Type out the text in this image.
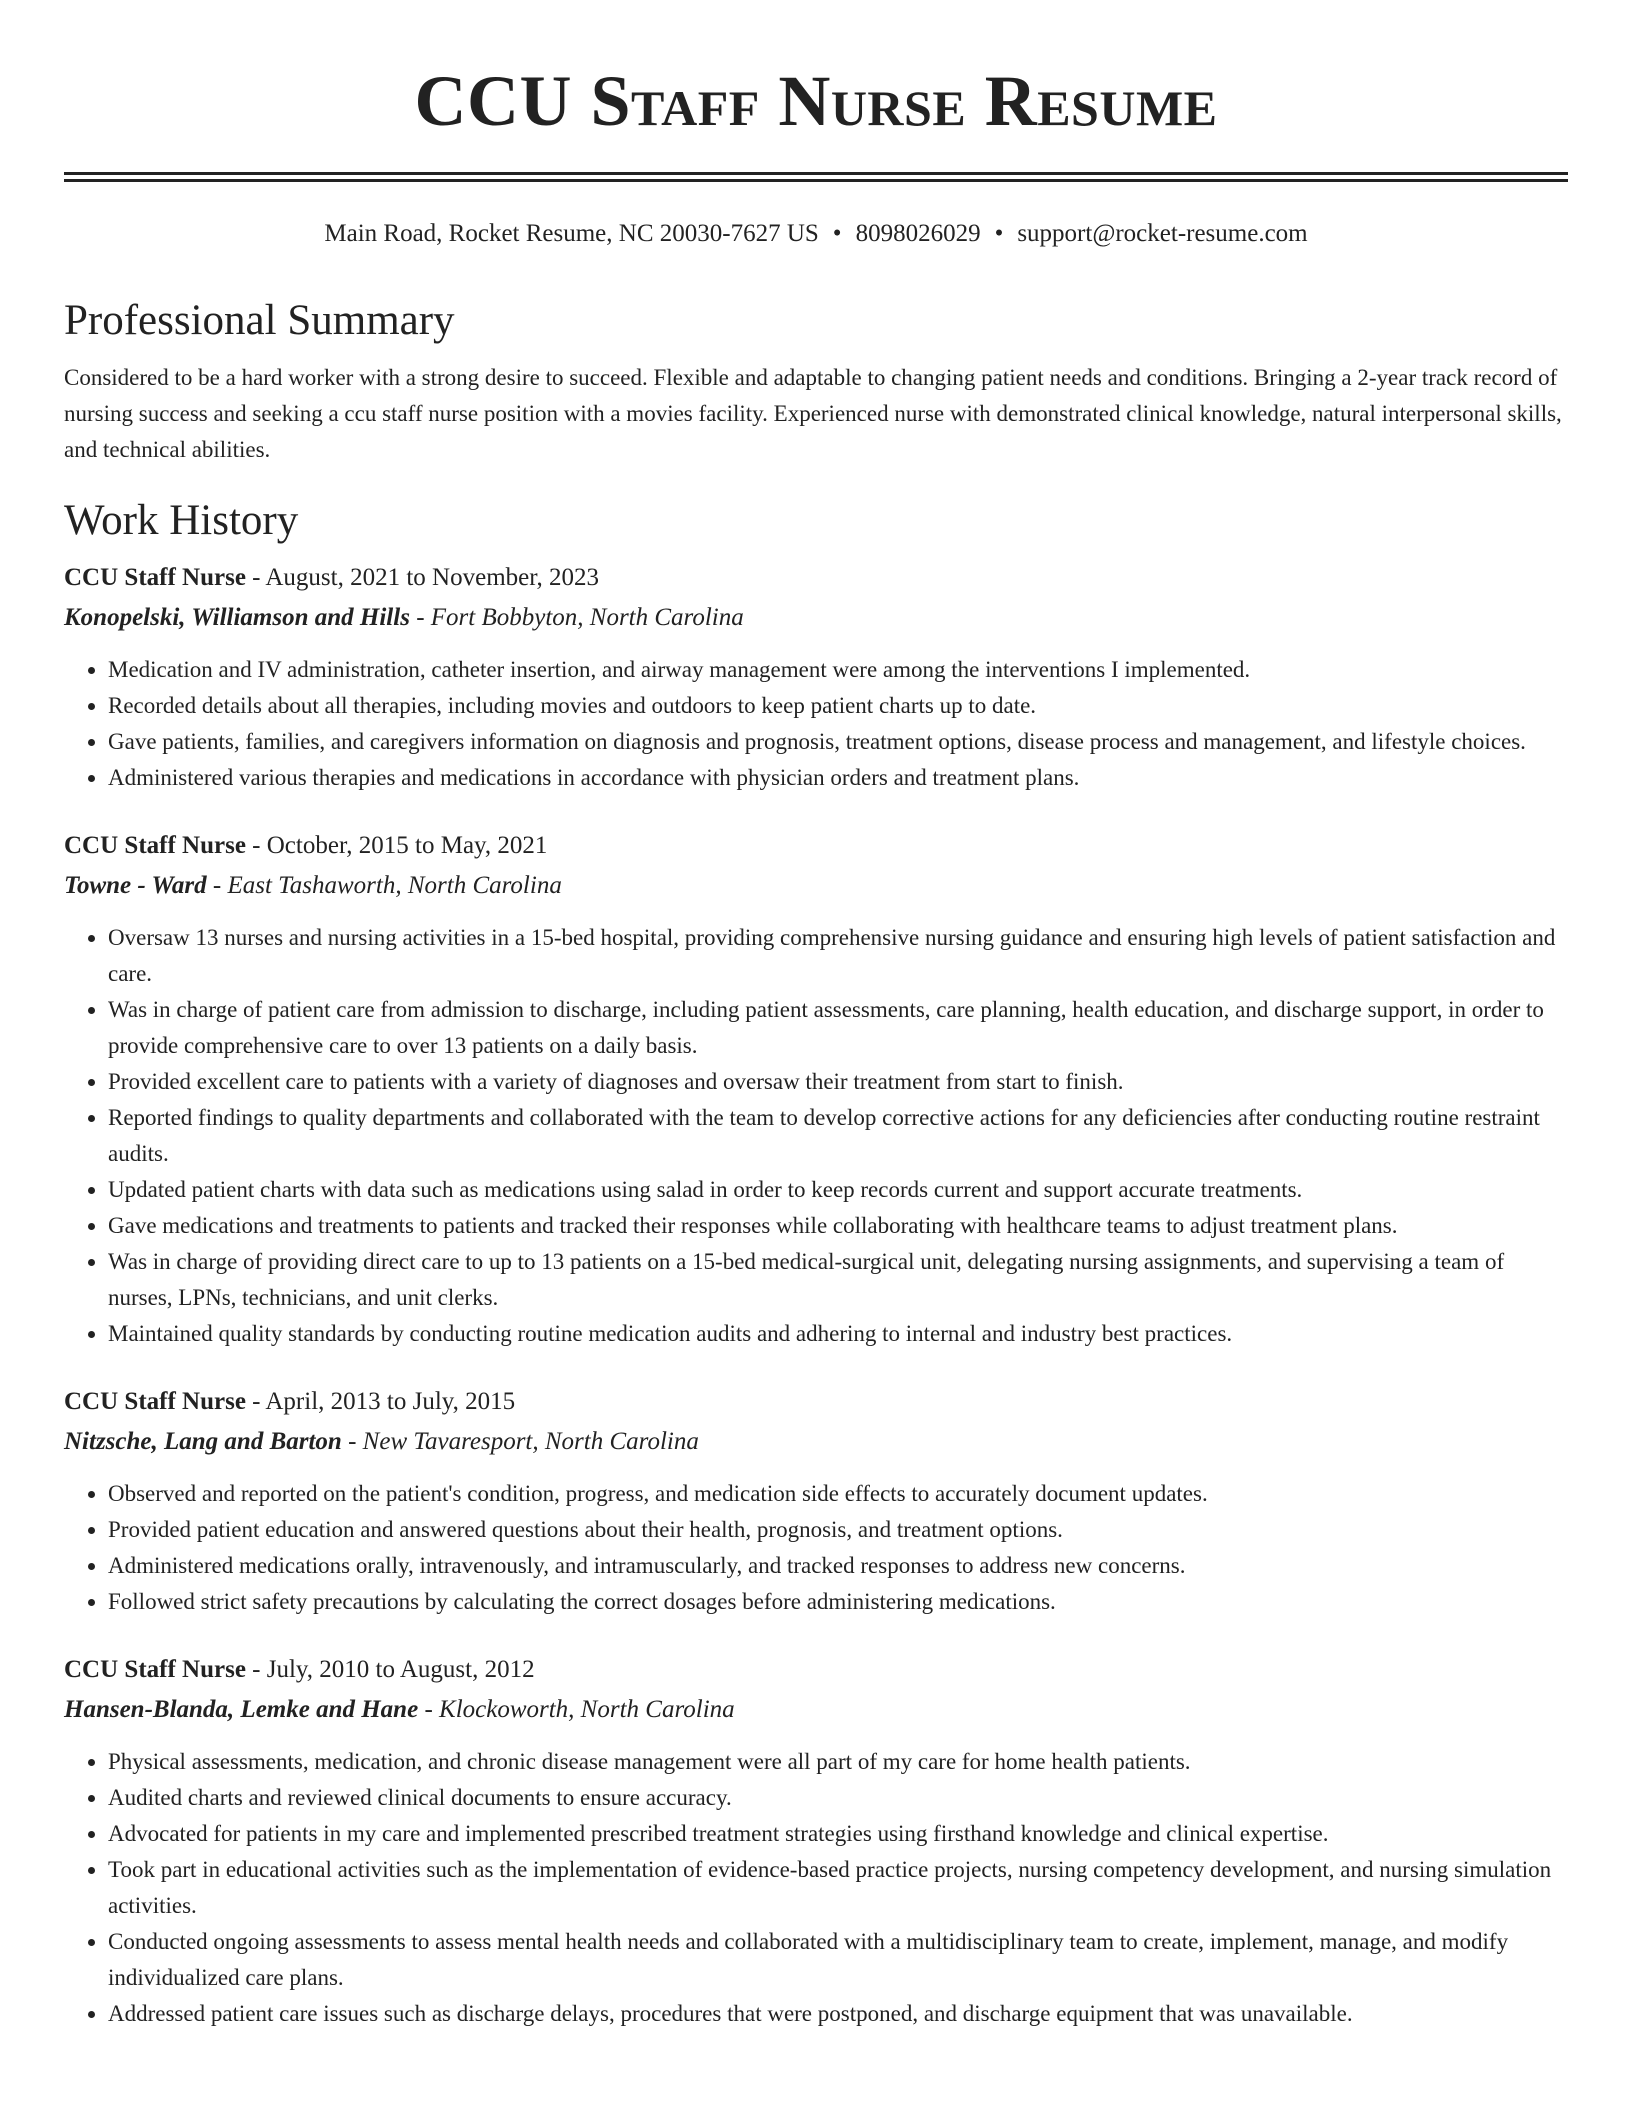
CCU Staff Nurse Resume
Main Road, Rocket Resume, NC 20030-7627 US • 8098026029 • support@rocket-resume.com
Professional Summary

Considered to be a hard worker with a strong desire to succeed. Flexible and adaptable to changing patient needs and conditions. Bringing a 2-year track record of nursing success and seeking a ccu staff nurse position with a movies facility. Experienced nurse with demonstrated clinical knowledge, natural interpersonal skills, and technical abilities.

Work History
CCU Staff Nurse - August, 2021 to November, 2023
Konopelski, Williamson and Hills - Fort Bobbyton, North Carolina
• Medication and IV administration, catheter insertion, and airway management were among the interventions I implemented.
• Recorded details about all therapies, including movies and outdoors to keep patient charts up to date.
• Gave patients, families, and caregivers information on diagnosis and prognosis, treatment options, disease process and management, and lifestyle choices.
• Administered various therapies and medications in accordance with physician orders and treatment plans.
CCU Staff Nurse - October, 2015 to May, 2021
Towne - Ward - East Tashaworth, North Carolina
• Oversaw 13 nurses and nursing activities in a 15-bed hospital, providing comprehensive nursing guidance and ensuring high levels of patient satisfaction and care.
• Was in charge of patient care from admission to discharge, including patient assessments, care planning, health education, and discharge support, in order to provide comprehensive care to over 13 patients on a daily basis.
• Provided excellent care to patients with a variety of diagnoses and oversaw their treatment from start to finish.
• Reported findings to quality departments and collaborated with the team to develop corrective actions for any deficiencies after conducting routine restraint audits.
• Updated patient charts with data such as medications using salad in order to keep records current and support accurate treatments.
• Gave medications and treatments to patients and tracked their responses while collaborating with healthcare teams to adjust treatment plans.
• Was in charge of providing direct care to up to 13 patients on a 15-bed medical-surgical unit, delegating nursing assignments, and supervising a team of nurses, LPNs, technicians, and unit clerks.
• Maintained quality standards by conducting routine medication audits and adhering to internal and industry best practices.
CCU Staff Nurse - April, 2013 to July, 2015
Nitzsche, Lang and Barton - New Tavaresport, North Carolina
• Observed and reported on the patient's condition, progress, and medication side effects to accurately document updates.
• Provided patient education and answered questions about their health, prognosis, and treatment options.
• Administered medications orally, intravenously, and intramuscularly, and tracked responses to address new concerns.
• Followed strict safety precautions by calculating the correct dosages before administering medications.
CCU Staff Nurse - July, 2010 to August, 2012
Hansen-Blanda, Lemke and Hane - Klockoworth, North Carolina
• Physical assessments, medication, and chronic disease management were all part of my care for home health patients.
• Audited charts and reviewed clinical documents to ensure accuracy.
• Advocated for patients in my care and implemented prescribed treatment strategies using firsthand knowledge and clinical expertise.
• Took part in educational activities such as the implementation of evidence-based practice projects, nursing competency development, and nursing simulation activities.
• Conducted ongoing assessments to assess mental health needs and collaborated with a multidisciplinary team to create, implement, manage, and modify individualized care plans.
• Addressed patient care issues such as discharge delays, procedures that were postponed, and discharge equipment that was unavailable.
